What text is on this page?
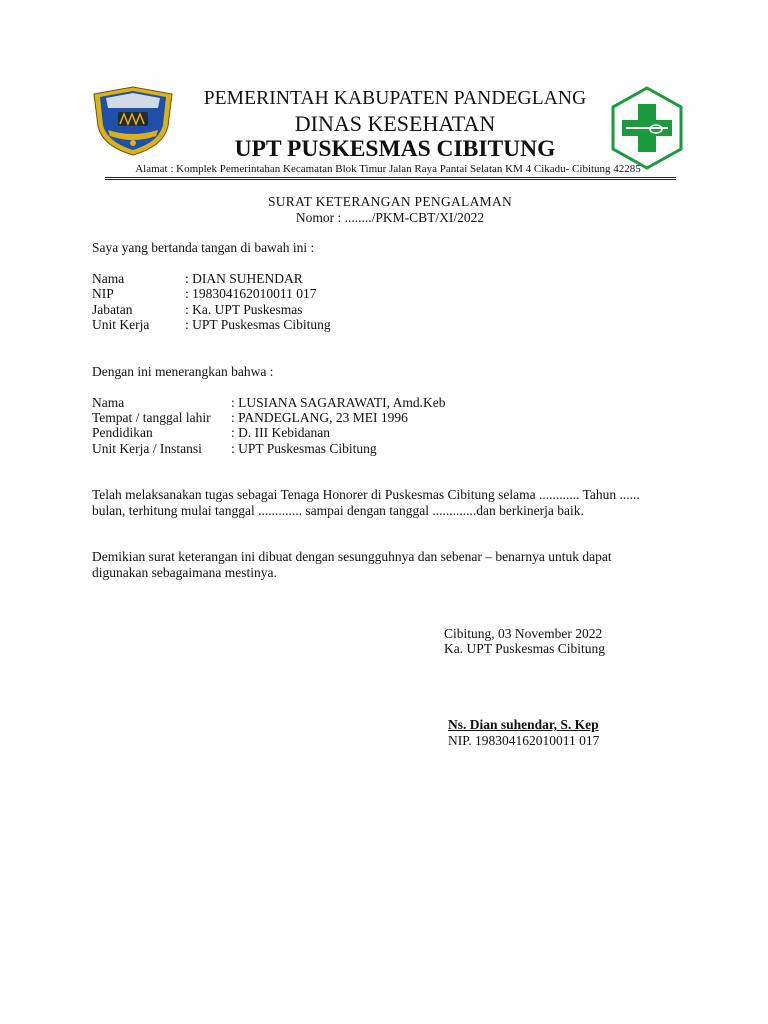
PEMERINTAH KABUPATEN PANDEGLANG
DINAS KESEHATAN
UPT PUSKESMAS CIBITUNG
Alamat : Komplek Pemerintahan Kecamatan Blok Timur Jalan Raya Pantai Selatan KM 4 Cikadu- Cibitung 42285
SURAT KETERANGAN PENGALAMAN
Nomor : ......../PKM-CBT/XI/2022
Saya yang bertanda tangan di bawah ini :
Nama	: DIAN SUHENDAR
NIP	: 198304162010011 017
Jabatan	: Ka. UPT Puskesmas
Unit Kerja	: UPT Puskesmas Cibitung
Dengan ini menerangkan bahwa :
Nama	: LUSIANA SAGARAWATI, Amd.Keb
Tempat / tanggal lahir : PANDEGLANG, 23 MEI 1996
Pendidikan	: D. III Kebidanan
Unit Kerja / Instansi : UPT Puskesmas Cibitung
Telah melaksanakan tugas sebagai Tenaga Honorer di Puskesmas Cibitung selama ............ Tahun ...... bulan, terhitung mulai tanggal ............. sampai dengan tanggal .............dan berkinerja baik.
Demikian surat keterangan ini dibuat dengan sesungguhnya dan sebenar – benarnya untuk dapat digunakan sebagaimana mestinya.
Cibitung, 03 November 2022
Ka. UPT Puskesmas Cibitung
Ns. Dian suhendar, S. Kep
NIP. 198304162010011 017
